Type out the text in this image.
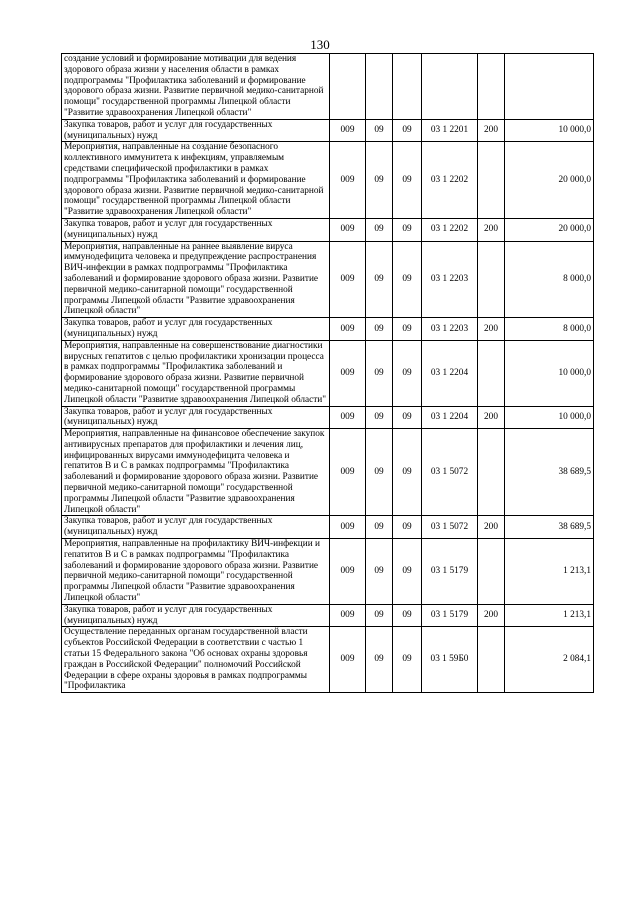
130
создание условий и формирование мотивации для ведения здорового образа жизни у населения области в рамках подпрограммы "Профилактика заболеваний и формирование здорового образа жизни. Развитие первичной медико-санитарной помощи" государственной программы Липецкой области "Развитие здравоохранения Липецкой области"						
Закупка товаров, работ и услуг для государственных (муниципальных) нужд	009	09	09	03 1 2201	200	10 000,0
Мероприятия, направленные на создание безопасного коллективного иммунитета к инфекциям, управляемым средствами специфической профилактики в рамках подпрограммы "Профилактика заболеваний и формирование здорового образа жизни. Развитие первичной медико-санитарной помощи" государственной программы Липецкой области "Развитие здравоохранения Липецкой области"	009	09	09	03 1 2202		20 000,0
Закупка товаров, работ и услуг для государственных (муниципальных) нужд	009	09	09	03 1 2202	200	20 000,0
Мероприятия, направленные на раннее выявление вируса иммунодефицита человека и предупреждение распространения ВИЧ-инфекции в рамках подпрограммы "Профилактика заболеваний и формирование здорового образа жизни. Развитие первичной медико-санитарной помощи" государственной программы Липецкой области "Развитие здравоохранения Липецкой области"	009	09	09	03 1 2203		8 000,0
Закупка товаров, работ и услуг для государственных (муниципальных) нужд	009	09	09	03 1 2203	200	8 000,0
Мероприятия, направленные на совершенствование диагностики вирусных гепатитов с целью профилактики хронизации процесса в рамках подпрограммы "Профилактика заболеваний и формирование здорового образа жизни. Развитие первичной медико-санитарной помощи" государственной программы Липецкой области "Развитие здравоохранения Липецкой области"	009	09	09	03 1 2204		10 000,0
Закупка товаров, работ и услуг для государственных (муниципальных) нужд	009	09	09	03 1 2204	200	10 000,0
Мероприятия, направленные на финансовое обеспечение закупок антивирусных препаратов для профилактики и лечения лиц, инфицированных вирусами иммунодефицита человека и гепатитов В и С в рамках подпрограммы "Профилактика заболеваний и формирование здорового образа жизни. Развитие первичной медико-санитарной помощи" государственной программы Липецкой области "Развитие здравоохранения Липецкой области"	009	09	09	03 1 5072		38 689,5
Закупка товаров, работ и услуг для государственных (муниципальных) нужд	009	09	09	03 1 5072	200	38 689,5
Мероприятия, направленные на профилактику ВИЧ-инфекции и гепатитов В и С в рамках подпрограммы "Профилактика заболеваний и формирование здорового образа жизни. Развитие первичной медико-санитарной помощи" государственной программы Липецкой области "Развитие здравоохранения Липецкой области"	009	09	09	03 1 5179		1 213,1
Закупка товаров, работ и услуг для государственных (муниципальных) нужд	009	09	09	03 1 5179	200	1 213,1
Осуществление переданных органам государственной власти субъектов Российской Федерации в соответствии с частью 1 статьи 15 Федерального закона "Об основах охраны здоровья граждан в Российской Федерации" полномочий Российской Федерации в сфере охраны здоровья в рамках подпрограммы "Профилактика	009	09	09	03 1 59Б0		2 084,1
